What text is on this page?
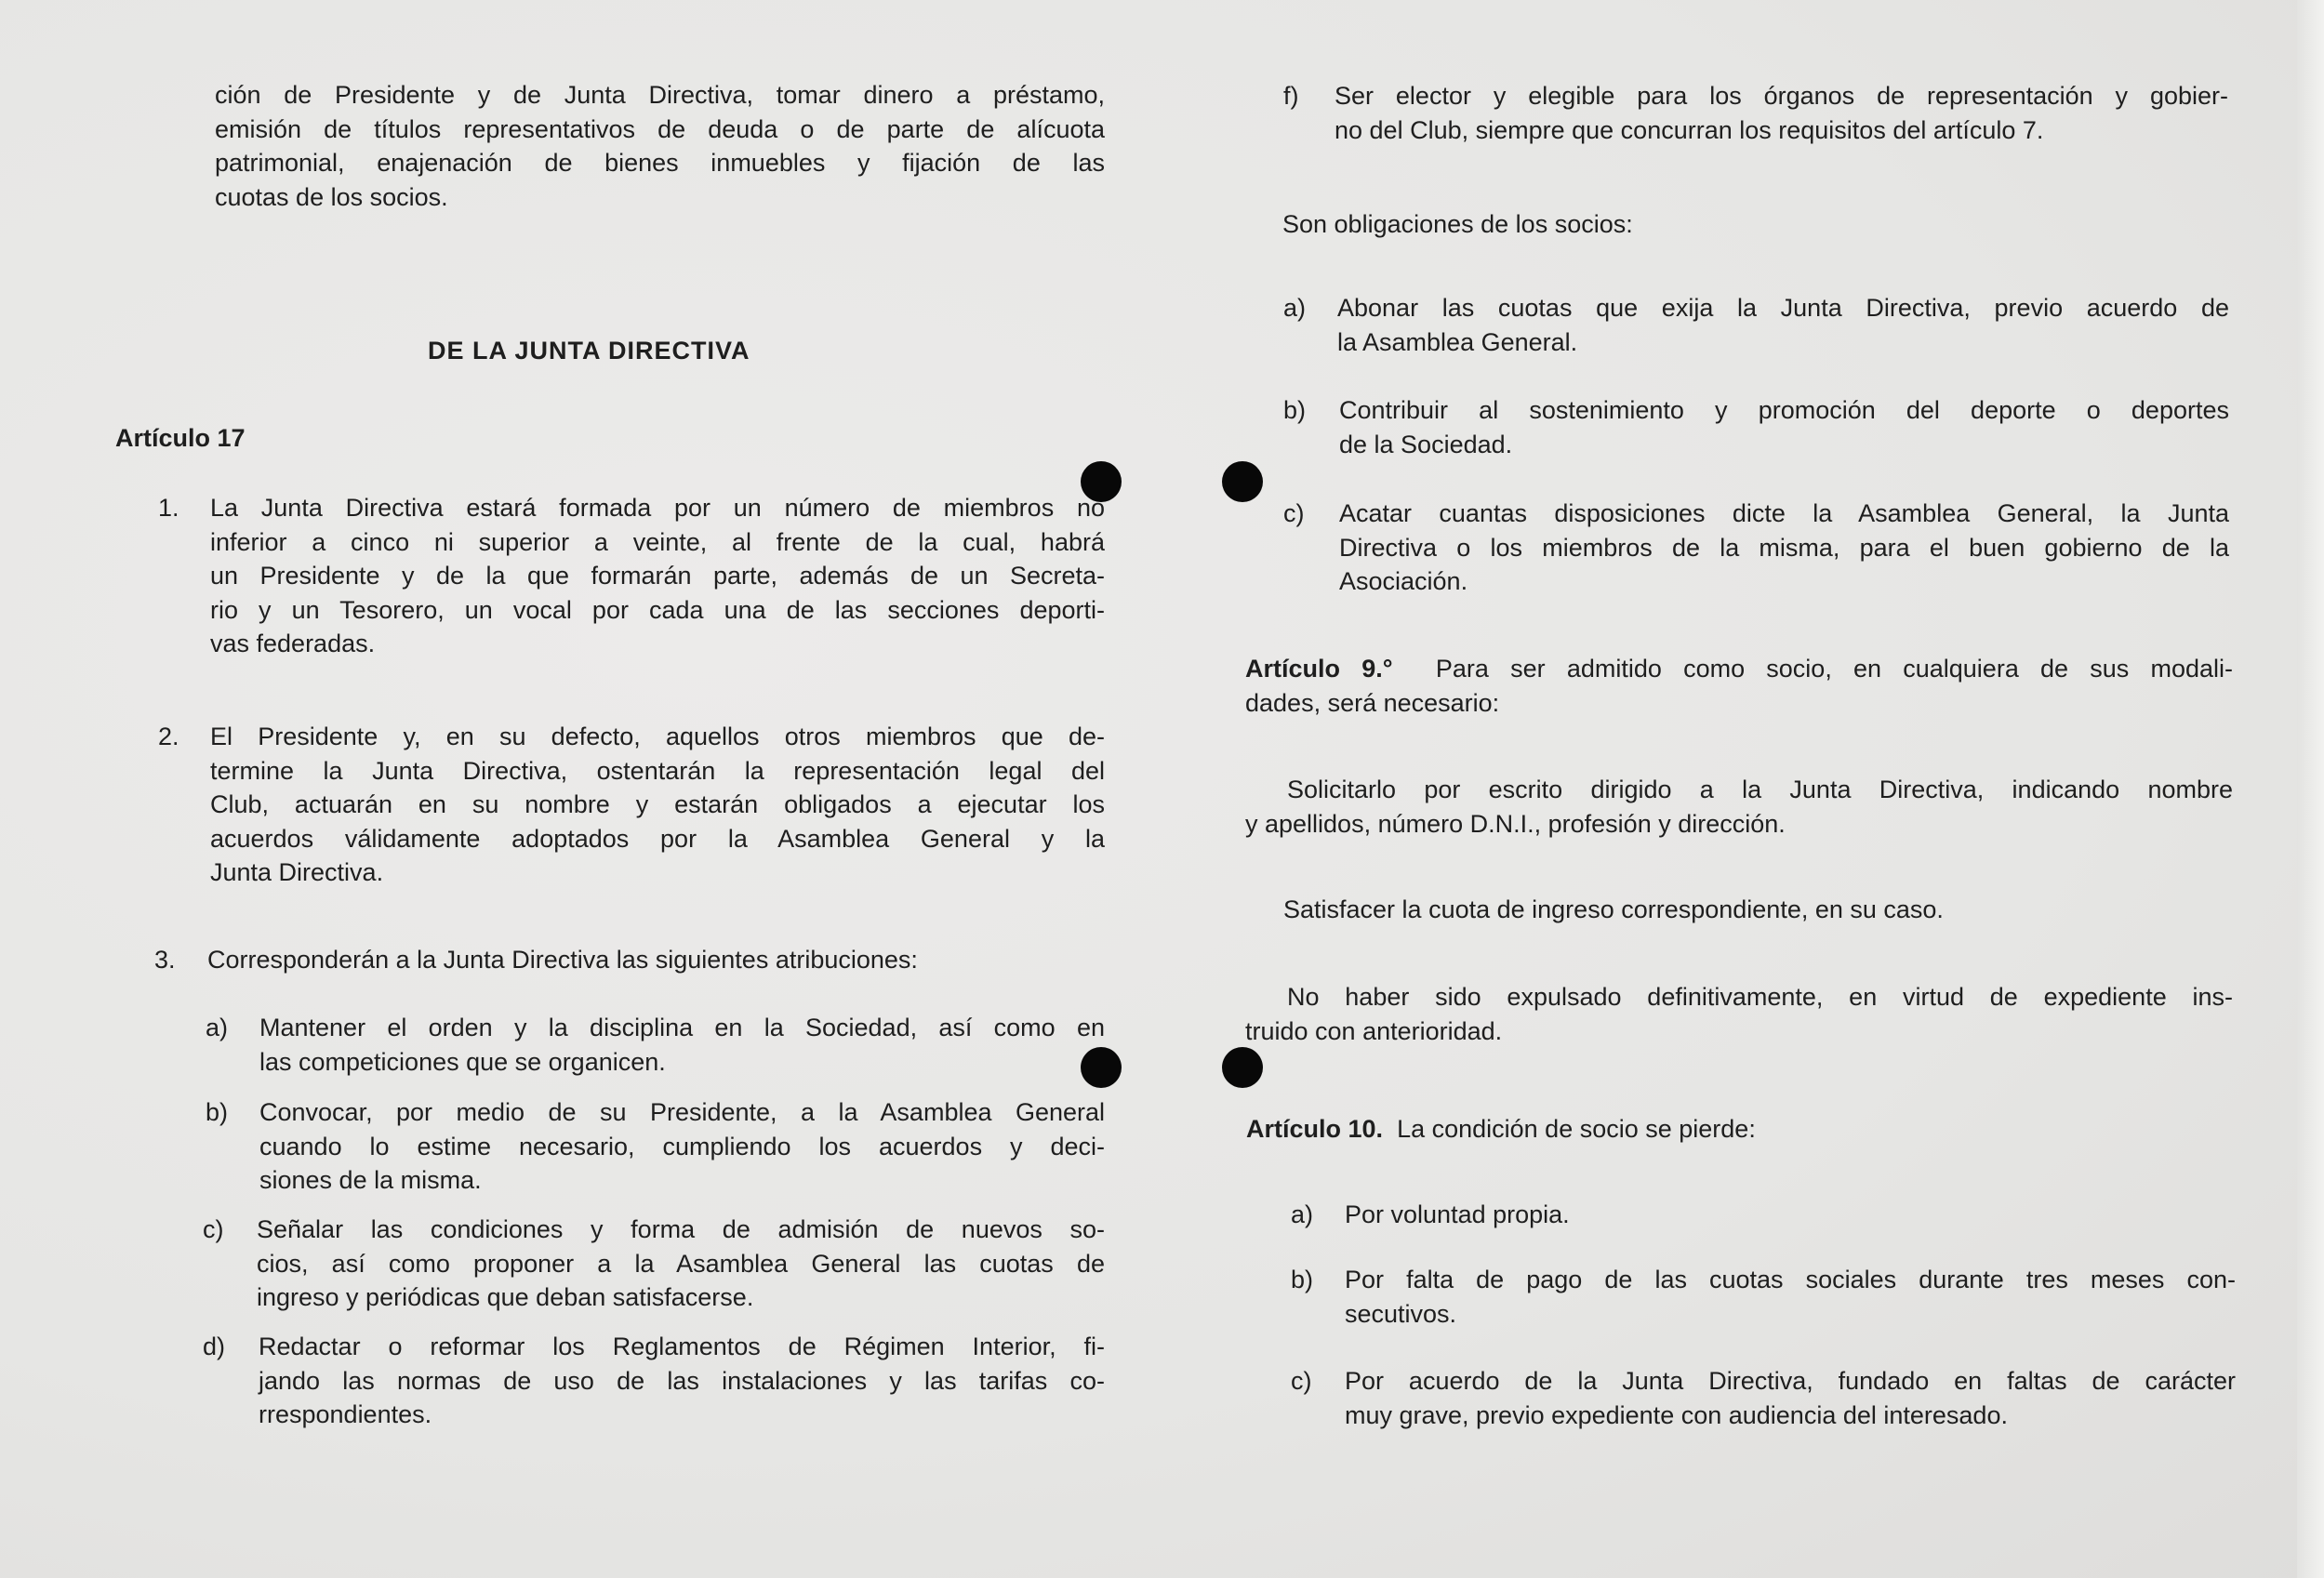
ción de Presidente y de Junta Directiva, tomar dinero a préstamo,
emisión de títulos representativos de deuda o de parte de alícuota
patrimonial, enajenación de bienes inmuebles y fijación de las
cuotas de los socios.
DE LA JUNTA DIRECTIVA
Artículo 17
1. La Junta Directiva estará formada por un número de miembros no
inferior a cinco ni superior a veinte, al frente de la cual, habrá
un Presidente y de la que formarán parte, además de un Secreta-
rio y un Tesorero, un vocal por cada una de las secciones deporti-
vas federadas.
2. El Presidente y, en su defecto, aquellos otros miembros que de-
termine la Junta Directiva, ostentarán la representación legal del
Club, actuarán en su nombre y estarán obligados a ejecutar los
acuerdos válidamente adoptados por la Asamblea General y la
Junta Directiva.
3. Corresponderán a la Junta Directiva las siguientes atribuciones:
a) Mantener el orden y la disciplina en la Sociedad, así como en
las competiciones que se organicen.
b) Convocar, por medio de su Presidente, a la Asamblea General
cuando lo estime necesario, cumpliendo los acuerdos y deci-
siones de la misma.
c) Señalar las condiciones y forma de admisión de nuevos so-
cios, así como proponer a la Asamblea General las cuotas de
ingreso y periódicas que deban satisfacerse.
d) Redactar o reformar los Reglamentos de Régimen Interior, fi-
jando las normas de uso de las instalaciones y las tarifas co-
rrespondientes.
f) Ser elector y elegible para los órganos de representación y gobier-
no del Club, siempre que concurran los requisitos del artículo 7.
Son obligaciones de los socios:
a) Abonar las cuotas que exija la Junta Directiva, previo acuerdo de
la Asamblea General.
b) Contribuir al sostenimiento y promoción del deporte o deportes
de la Sociedad.
c) Acatar cuantas disposiciones dicte la Asamblea General, la Junta
Directiva o los miembros de la misma, para el buen gobierno de la
Asociación.
Artículo 9.° Para ser admitido como socio, en cualquiera de sus modali-
dades, será necesario:
Solicitarlo por escrito dirigido a la Junta Directiva, indicando nombre
y apellidos, número D.N.I., profesión y dirección.
Satisfacer la cuota de ingreso correspondiente, en su caso.
No haber sido expulsado definitivamente, en virtud de expediente ins-
truido con anterioridad.
Artículo 10. La condición de socio se pierde:
a) Por voluntad propia.
b) Por falta de pago de las cuotas sociales durante tres meses con-
secutivos.
c) Por acuerdo de la Junta Directiva, fundado en faltas de carácter
muy grave, previo expediente con audiencia del interesado.
